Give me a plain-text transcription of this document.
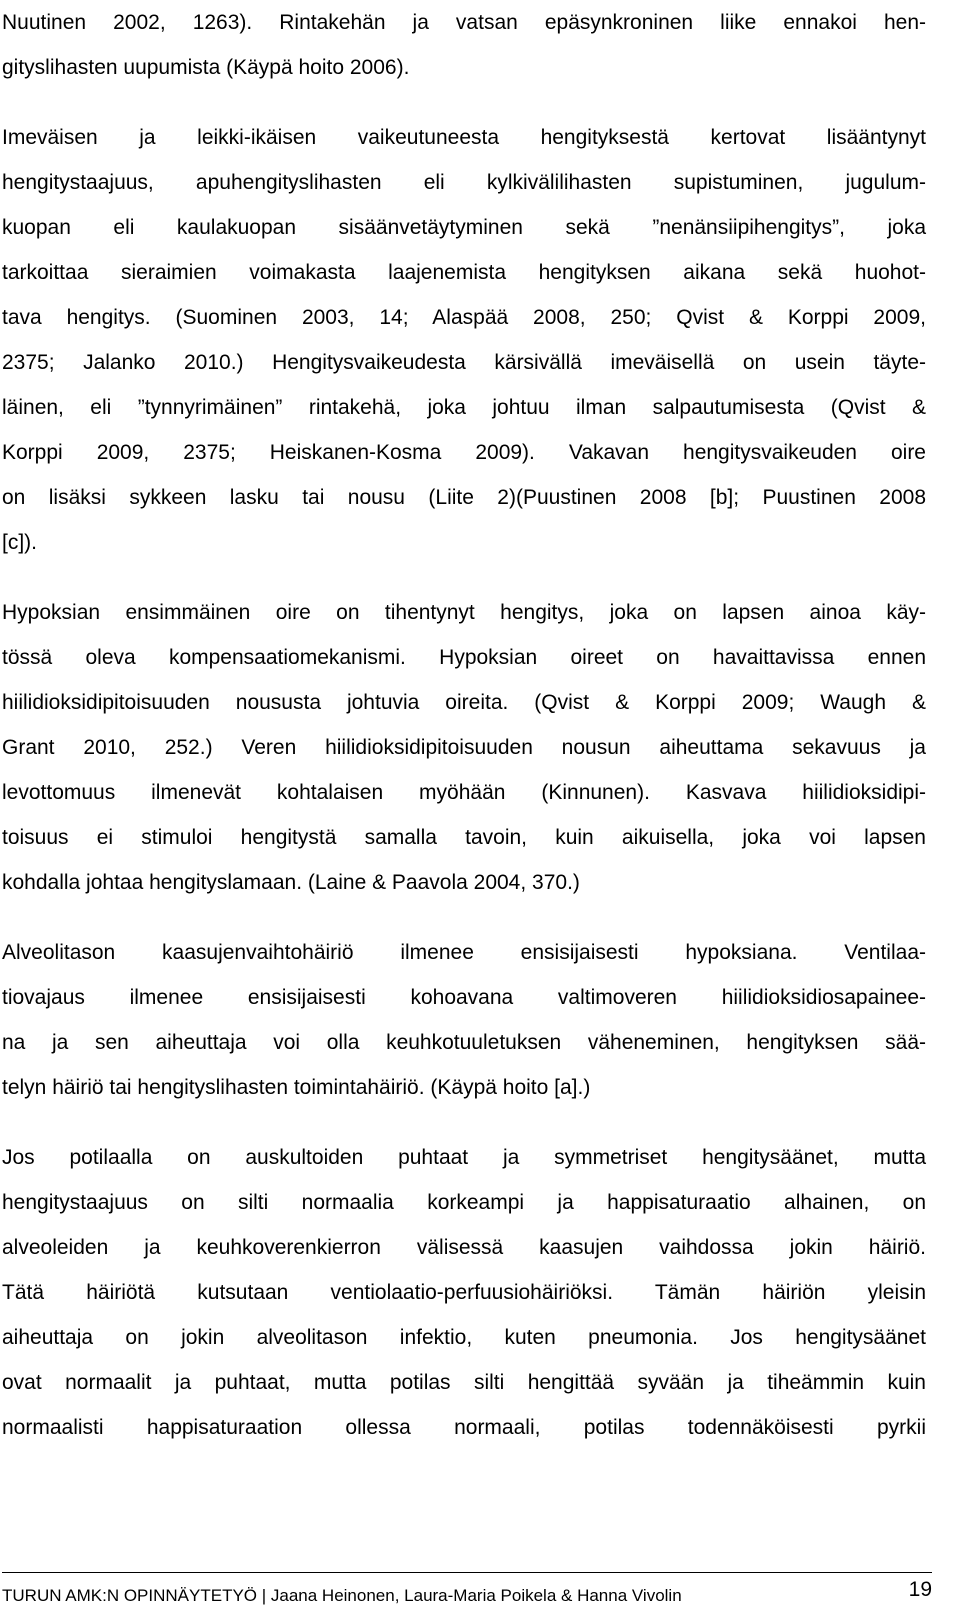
Nuutinen 2002, 1263). Rintakehän ja vatsan epäsynkroninen liike ennakoi hen-
gityslihasten uupumista (Käypä hoito 2006).
Imeväisen ja leikki-ikäisen vaikeutuneesta hengityksestä kertovat lisääntynyt
hengitystaajuus, apuhengityslihasten eli kylkivälilihasten supistuminen, jugulum-
kuopan eli kaulakuopan sisäänvetäytyminen sekä ”nenänsiipihengitys”, joka
tarkoittaa sieraimien voimakasta laajenemista hengityksen aikana sekä huohot-
tava hengitys. (Suominen 2003, 14; Alaspää 2008, 250; Qvist & Korppi 2009,
2375; Jalanko 2010.) Hengitysvaikeudesta kärsivällä imeväisellä on usein täyte-
läinen, eli ”tynnyrimäinen” rintakehä, joka johtuu ilman salpautumisesta (Qvist &
Korppi 2009, 2375; Heiskanen-Kosma 2009). Vakavan hengitysvaikeuden oire
on lisäksi sykkeen lasku tai nousu (Liite 2)(Puustinen 2008 [b]; Puustinen 2008
[c]).
Hypoksian ensimmäinen oire on tihentynyt hengitys, joka on lapsen ainoa käy-
tössä oleva kompensaatiomekanismi. Hypoksian oireet on havaittavissa ennen
hiilidioksidipitoisuuden noususta johtuvia oireita. (Qvist & Korppi 2009; Waugh &
Grant 2010, 252.) Veren hiilidioksidipitoisuuden nousun aiheuttama sekavuus ja
levottomuus ilmenevät kohtalaisen myöhään (Kinnunen). Kasvava hiilidioksidipi-
toisuus ei stimuloi hengitystä samalla tavoin, kuin aikuisella, joka voi lapsen
kohdalla johtaa hengityslamaan. (Laine & Paavola 2004, 370.)
Alveolitason kaasujenvaihtohäiriö ilmenee ensisijaisesti hypoksiana. Ventilaa-
tiovajaus ilmenee ensisijaisesti kohoavana valtimoveren hiilidioksidiosapainee-
na ja sen aiheuttaja voi olla keuhkotuuletuksen väheneminen, hengityksen sää-
telyn häiriö tai hengityslihasten toimintahäiriö. (Käypä hoito [a].)
Jos potilaalla on auskultoiden puhtaat ja symmetriset hengitysäänet, mutta
hengitystaajuus on silti normaalia korkeampi ja happisaturaatio alhainen, on
alveoleiden ja keuhkoverenkierron välisessä kaasujen vaihdossa jokin häiriö.
Tätä häiriötä kutsutaan ventiolaatio-perfuusiohäiriöksi. Tämän häiriön yleisin
aiheuttaja on jokin alveolitason infektio, kuten pneumonia. Jos hengitysäänet
ovat normaalit ja puhtaat, mutta potilas silti hengittää syvään ja tiheämmin kuin
normaalisti happisaturaation ollessa normaali, potilas todennäköisesti pyrkii
TURUN AMK:N OPINNÄYTETYÖ | Jaana Heinonen, Laura-Maria Poikela & Hanna Vivolin	19
